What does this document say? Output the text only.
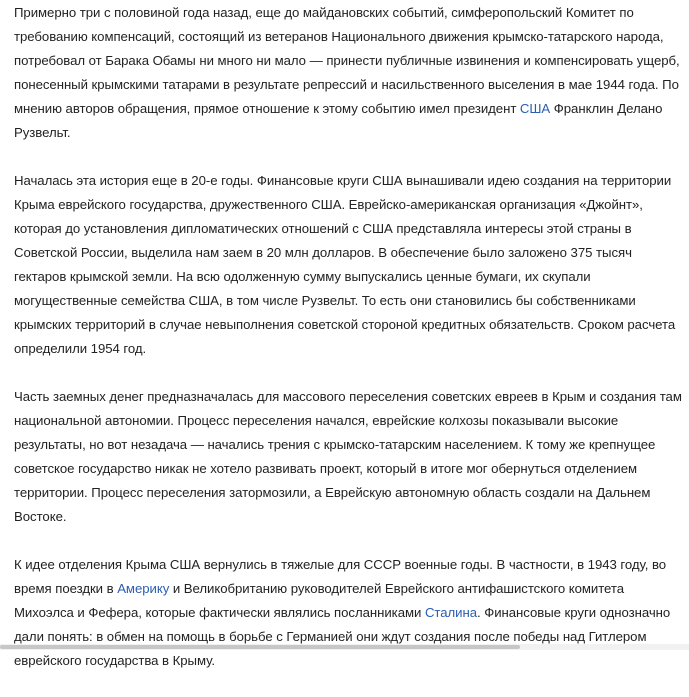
Примерно три с половиной года назад, еще до майдановских событий, симферопольский Комитет по требованию компенсаций, состоящий из ветеранов Национального движения крымско-татарского народа, потребовал от Барака Обамы ни много ни мало — принести публичные извинения и компенсировать ущерб, понесенный крымскими татарами в результате репрессий и насильственного выселения в мае 1944 года. По мнению авторов обращения, прямое отношение к этому событию имел президент США Франклин Делано Рузвельт.

Началась эта история еще в 20-е годы. Финансовые круги США вынашивали идею создания на территории Крыма еврейского государства, дружественного США. Еврейско-американская организация «Джойнт», которая до установления дипломатических отношений с США представляла интересы этой страны в Советской России, выделила нам заем в 20 млн долларов. В обеспечение было заложено 375 тысяч гектаров крымской земли. На всю одолженную сумму выпускались ценные бумаги, их скупали могущественные семейства США, в том числе Рузвельт. То есть они становились бы собственниками крымских территорий в случае невыполнения советской стороной кредитных обязательств. Сроком расчета определили 1954 год.

Часть заемных денег предназначалась для массового переселения советских евреев в Крым и создания там национальной автономии. Процесс переселения начался, еврейские колхозы показывали высокие результаты, но вот незадача — начались трения с крымско-татарским населением. К тому же крепнущее советское государство никак не хотело развивать проект, который в итоге мог обернуться отделением территории. Процесс переселения затормозили, а Еврейскую автономную область создали на Дальнем Востоке.

К идее отделения Крыма США вернулись в тяжелые для СССР военные годы. В частности, в 1943 году, во время поездки в Америку и Великобританию руководителей Еврейского антифашистского комитета Михоэлса и Фефера, которые фактически являлись посланниками Сталина. Финансовые круги однозначно дали понять: в обмен на помощь в борьбе с Германией они ждут создания после победы над Гитлером еврейского государства в Крыму.
